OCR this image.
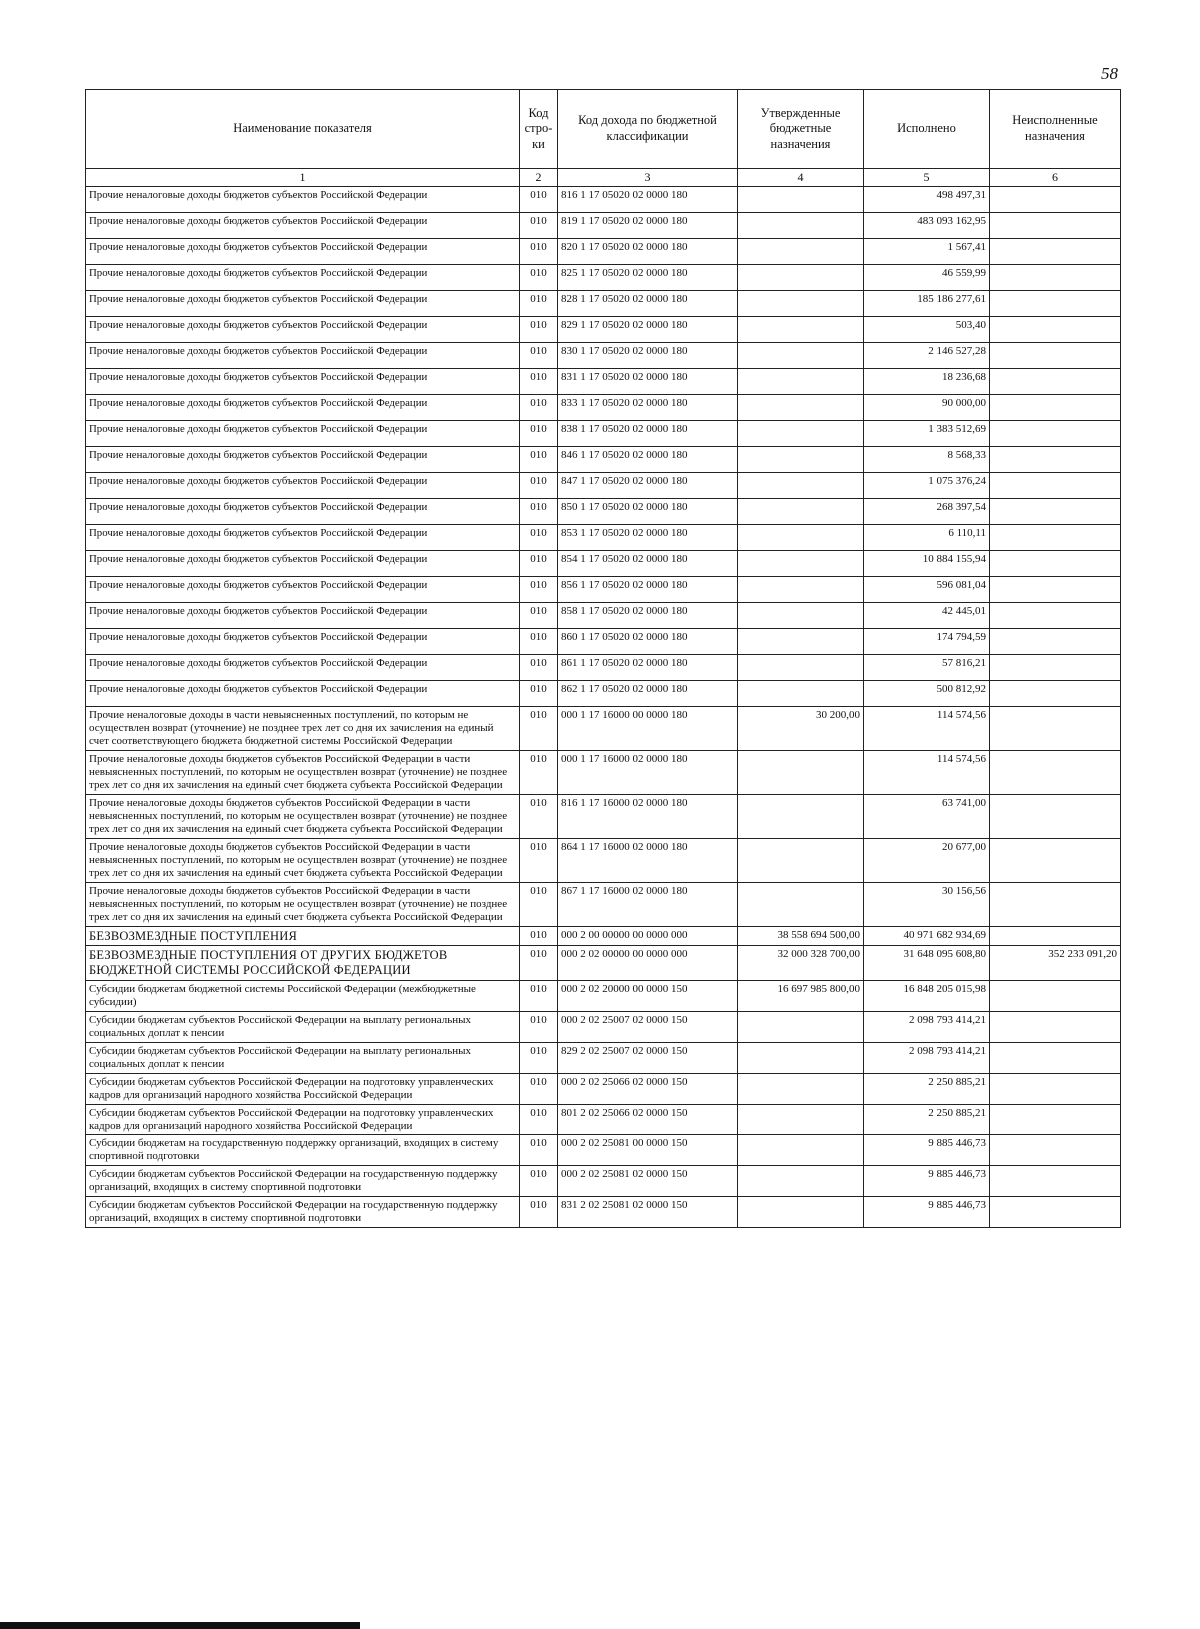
58
Наименование показателя	Код стро- ки	Код дохода по бюджетной классификации	Утвержденные бюджетные назначения	Исполнено	Неисполненные назначения
1	2	3	4	5	6
Прочие неналоговые доходы бюджетов субъектов Российской Федерации	010	816 1 17 05020 02 0000 180		498 497,31	
Прочие неналоговые доходы бюджетов субъектов Российской Федерации	010	819 1 17 05020 02 0000 180		483 093 162,95	
Прочие неналоговые доходы бюджетов субъектов Российской Федерации	010	820 1 17 05020 02 0000 180		1 567,41	
Прочие неналоговые доходы бюджетов субъектов Российской Федерации	010	825 1 17 05020 02 0000 180		46 559,99	
Прочие неналоговые доходы бюджетов субъектов Российской Федерации	010	828 1 17 05020 02 0000 180		185 186 277,61	
Прочие неналоговые доходы бюджетов субъектов Российской Федерации	010	829 1 17 05020 02 0000 180		503,40	
Прочие неналоговые доходы бюджетов субъектов Российской Федерации	010	830 1 17 05020 02 0000 180		2 146 527,28	
Прочие неналоговые доходы бюджетов субъектов Российской Федерации	010	831 1 17 05020 02 0000 180		18 236,68	
Прочие неналоговые доходы бюджетов субъектов Российской Федерации	010	833 1 17 05020 02 0000 180		90 000,00	
Прочие неналоговые доходы бюджетов субъектов Российской Федерации	010	838 1 17 05020 02 0000 180		1 383 512,69	
Прочие неналоговые доходы бюджетов субъектов Российской Федерации	010	846 1 17 05020 02 0000 180		8 568,33	
Прочие неналоговые доходы бюджетов субъектов Российской Федерации	010	847 1 17 05020 02 0000 180		1 075 376,24	
Прочие неналоговые доходы бюджетов субъектов Российской Федерации	010	850 1 17 05020 02 0000 180		268 397,54	
Прочие неналоговые доходы бюджетов субъектов Российской Федерации	010	853 1 17 05020 02 0000 180		6 110,11	
Прочие неналоговые доходы бюджетов субъектов Российской Федерации	010	854 1 17 05020 02 0000 180		10 884 155,94	
Прочие неналоговые доходы бюджетов субъектов Российской Федерации	010	856 1 17 05020 02 0000 180		596 081,04	
Прочие неналоговые доходы бюджетов субъектов Российской Федерации	010	858 1 17 05020 02 0000 180		42 445,01	
Прочие неналоговые доходы бюджетов субъектов Российской Федерации	010	860 1 17 05020 02 0000 180		174 794,59	
Прочие неналоговые доходы бюджетов субъектов Российской Федерации	010	861 1 17 05020 02 0000 180		57 816,21	
Прочие неналоговые доходы бюджетов субъектов Российской Федерации	010	862 1 17 05020 02 0000 180		500 812,92	
Прочие неналоговые доходы в части невыясненных поступлений, по которым не осуществлен возврат (уточнение) не позднее трех лет со дня их зачисления на единый счет соответствующего бюджета бюджетной системы Российской Федерации	010	000 1 17 16000 00 0000 180	30 200,00	114 574,56	
Прочие неналоговые доходы бюджетов субъектов Российской Федерации в части невыясненных поступлений, по которым не осуществлен возврат (уточнение) не позднее трех лет со дня их зачисления на единый счет бюджета субъекта Российской Федерации	010	000 1 17 16000 02 0000 180		114 574,56	
Прочие неналоговые доходы бюджетов субъектов Российской Федерации в части невыясненных поступлений, по которым не осуществлен возврат (уточнение) не позднее трех лет со дня их зачисления на единый счет бюджета субъекта Российской Федерации	010	816 1 17 16000 02 0000 180		63 741,00	
Прочие неналоговые доходы бюджетов субъектов Российской Федерации в части невыясненных поступлений, по которым не осуществлен возврат (уточнение) не позднее трех лет со дня их зачисления на единый счет бюджета субъекта Российской Федерации	010	864 1 17 16000 02 0000 180		20 677,00	
Прочие неналоговые доходы бюджетов субъектов Российской Федерации в части невыясненных поступлений, по которым не осуществлен возврат (уточнение) не позднее трех лет со дня их зачисления на единый счет бюджета субъекта Российской Федерации	010	867 1 17 16000 02 0000 180		30 156,56	
БЕЗВОЗМЕЗДНЫЕ ПОСТУПЛЕНИЯ	010	000 2 00 00000 00 0000 000	38 558 694 500,00	40 971 682 934,69	
БЕЗВОЗМЕЗДНЫЕ ПОСТУПЛЕНИЯ ОТ ДРУГИХ БЮДЖЕТОВ БЮДЖЕТНОЙ СИСТЕМЫ РОССИЙСКОЙ ФЕДЕРАЦИИ	010	000 2 02 00000 00 0000 000	32 000 328 700,00	31 648 095 608,80	352 233 091,20
Субсидии бюджетам бюджетной системы Российской Федерации (межбюджетные субсидии)	010	000 2 02 20000 00 0000 150	16 697 985 800,00	16 848 205 015,98	
Субсидии бюджетам субъектов Российской Федерации на выплату региональных социальных доплат к пенсии	010	000 2 02 25007 02 0000 150		2 098 793 414,21	
Субсидии бюджетам субъектов Российской Федерации на выплату региональных социальных доплат к пенсии	010	829 2 02 25007 02 0000 150		2 098 793 414,21	
Субсидии бюджетам субъектов Российской Федерации на подготовку управленческих кадров для организаций народного хозяйства Российской Федерации	010	000 2 02 25066 02 0000 150		2 250 885,21	
Субсидии бюджетам субъектов Российской Федерации на подготовку управленческих кадров для организаций народного хозяйства Российской Федерации	010	801 2 02 25066 02 0000 150		2 250 885,21	
Субсидии бюджетам на государственную поддержку организаций, входящих в систему спортивной подготовки	010	000 2 02 25081 00 0000 150		9 885 446,73	
Субсидии бюджетам субъектов Российской Федерации на государственную поддержку организаций, входящих в систему спортивной подготовки	010	000 2 02 25081 02 0000 150		9 885 446,73	
Субсидии бюджетам субъектов Российской Федерации на государственную поддержку организаций, входящих в систему спортивной подготовки	010	831 2 02 25081 02 0000 150		9 885 446,73	
